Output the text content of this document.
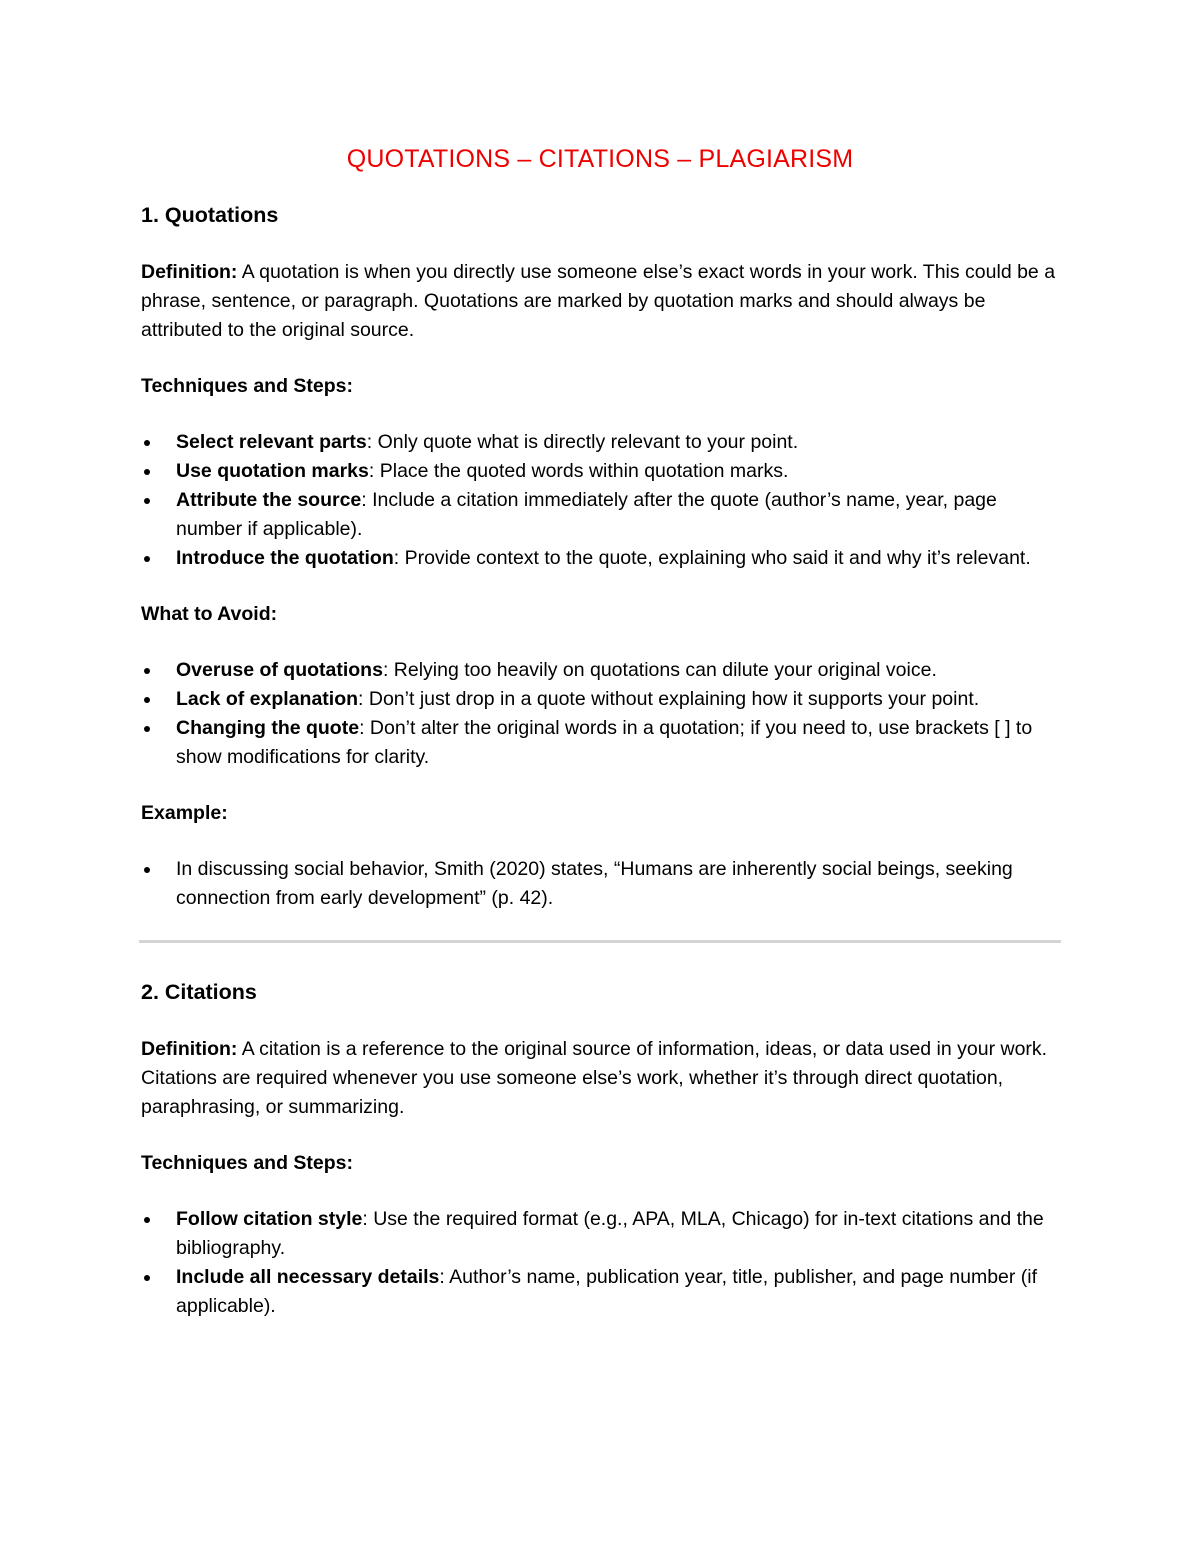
QUOTATIONS – CITATIONS – PLAGIARISM
1. Quotations

Definition: A quotation is when you directly use someone else’s exact words in your work. This could be a phrase, sentence, or paragraph. Quotations are marked by quotation marks and should always be attributed to the original source.

Techniques and Steps:

Select relevant parts: Only quote what is directly relevant to your point.
Use quotation marks: Place the quoted words within quotation marks.
Attribute the source: Include a citation immediately after the quote (author’s name, year, page number if applicable).
Introduce the quotation: Provide context to the quote, explaining who said it and why it’s relevant.

What to Avoid:

Overuse of quotations: Relying too heavily on quotations can dilute your original voice.
Lack of explanation: Don’t just drop in a quote without explaining how it supports your point.
Changing the quote: Don’t alter the original words in a quotation; if you need to, use brackets [ ] to show modifications for clarity.

Example:

In discussing social behavior, Smith (2020) states, “Humans are inherently social beings, seeking connection from early development” (p. 42).
2. Citations

Definition: A citation is a reference to the original source of information, ideas, or data used in your work. Citations are required whenever you use someone else’s work, whether it’s through direct quotation, paraphrasing, or summarizing.

Techniques and Steps:

Follow citation style: Use the required format (e.g., APA, MLA, Chicago) for in-text citations and the bibliography.
Include all necessary details: Author’s name, publication year, title, publisher, and page number (if applicable).
